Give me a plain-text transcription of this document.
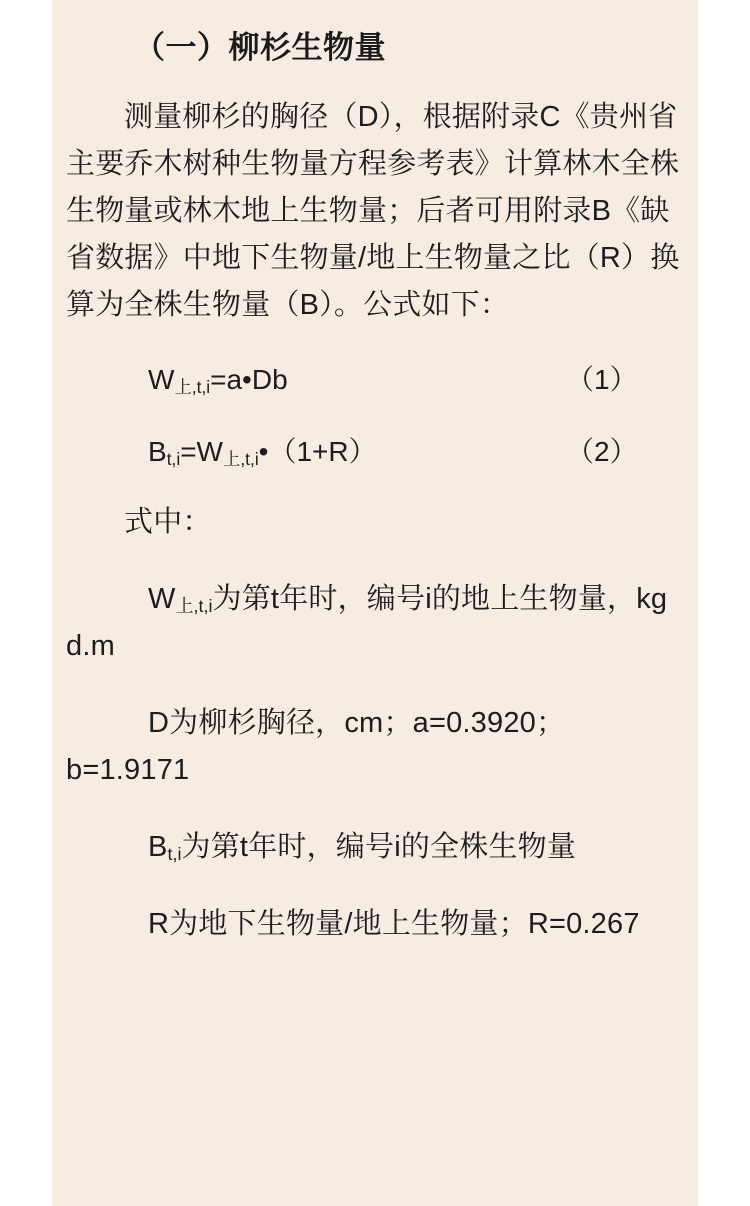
（一）柳杉生物量

测量柳杉的胸径（D），根据附录C《贵州省主要乔木树种生物量方程参考表》计算林木全株生物量或林木地上生物量；后者可用附录B《缺省数据》中地下生物量/地上生物量之比（R）换算为全株生物量（B）。公式如下：

$W_{上,t,i}=a•Db$	（1）
$B_{t,i}=W_{上,t,i}•(1+R)$	（2）

式中：

$W_{上,t,i}$为第t年时，编号i的地上生物量，kg d.m
D为柳杉胸径，cm；a=0.3920；b=1.9171
$B_{t,i}$为第t年时，编号i的全株生物量
R为地下生物量/地上生物量；R=0.267
